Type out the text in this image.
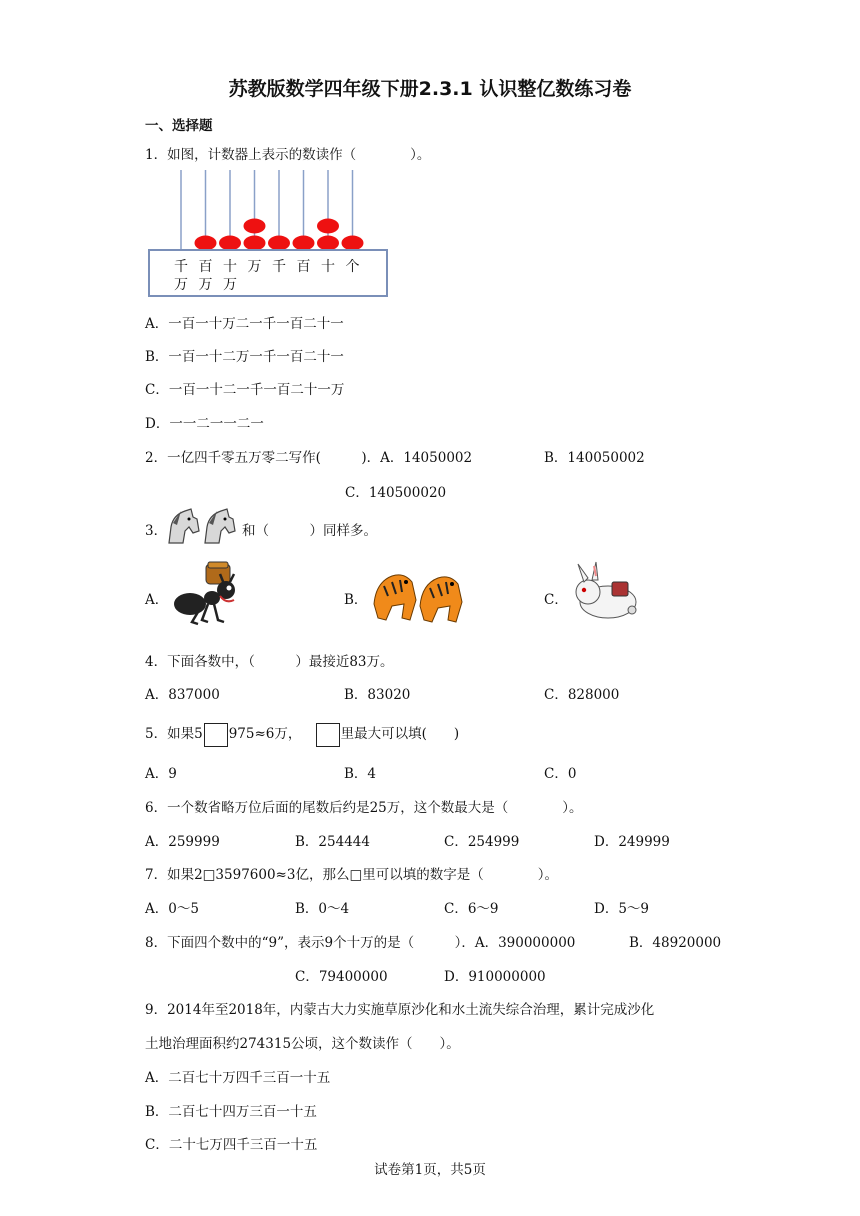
苏教版数学四年级下册2.3.1 认识整亿数练习卷
一、选择题
1．如图，计数器上表示的数读作（　　　　）。
千 百 十 万 千 百 十 个
万 万 万
A．一百一十万二一千一百二十一
B．一百一十二万一千一百二十一
C．一百一十二一千一百二十一万
D．一一二一一二一
2．一亿四千零五万零二写作(　　　)．A．14050002	B．140050002
C．140500020
3．	和（　　　）同样多。
A．	B．	C．
4．下面各数中，（　　　）最接近83万。
A．837000	B．83020	C．828000
5．如果5 975≈6万，	里最大可以填(　　)
A．9	B．4	C．0
6．一个数省略万位后面的尾数后约是25万，这个数最大是（　　　　）。
A．259999	B．254444	C．254999	D．249999
7．如果2□3597600≈3亿，那么□里可以填的数字是（　　　　）。
A．0～5	B．0～4	C．6～9	D．5～9
8．下面四个数中的“9”，表示9个十万的是（　　　）．A．390000000	B．48920000
C．79400000	D．910000000
9．2014年至2018年，内蒙古大力实施草原沙化和水土流失综合治理，累计完成沙化
土地治理面积约274315公顷，这个数读作（　　）。
A．二百七十万四千三百一十五
B．二百七十四万三百一十五
C．二十七万四千三百一十五
试卷第1页，共5页
